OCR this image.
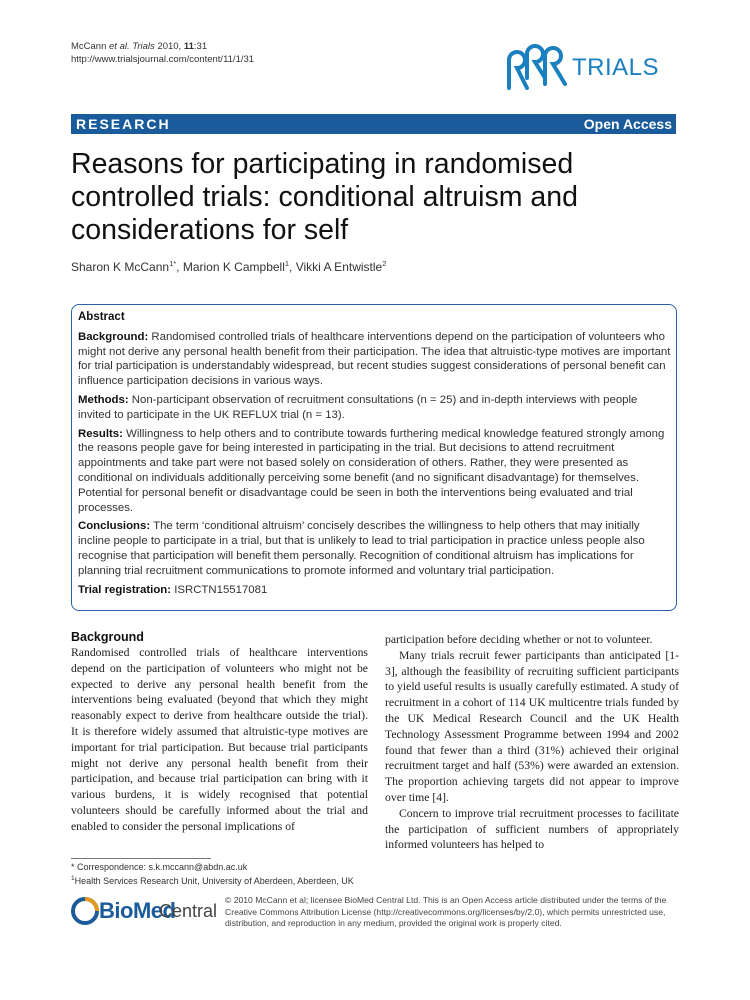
McCann et al. Trials 2010, 11:31
http://www.trialsjournal.com/content/11/1/31	TRIALS
RESEARCH	Open Access
Reasons for participating in randomised controlled trials: conditional altruism and considerations for self
Sharon K McCann$^{1*}$, Marion K Campbell$^1$, Vikki A Entwistle$^2$
Abstract

Background: Randomised controlled trials of healthcare interventions depend on the participation of volunteers who might not derive any personal health benefit from their participation. The idea that altruistic-type motives are important for trial participation is understandably widespread, but recent studies suggest considerations of personal benefit can influence participation decisions in various ways.

Methods: Non-participant observation of recruitment consultations (n = 25) and in-depth interviews with people invited to participate in the UK REFLUX trial (n = 13).

Results: Willingness to help others and to contribute towards furthering medical knowledge featured strongly among the reasons people gave for being interested in participating in the trial. But decisions to attend recruitment appointments and take part were not based solely on consideration of others. Rather, they were presented as conditional on individuals additionally perceiving some benefit (and no significant disadvantage) for themselves. Potential for personal benefit or disadvantage could be seen in both the interventions being evaluated and trial processes.

Conclusions: The term ‘conditional altruism’ concisely describes the willingness to help others that may initially incline people to participate in a trial, but that is unlikely to lead to trial participation in practice unless people also recognise that participation will benefit them personally. Recognition of conditional altruism has implications for planning trial recruitment communications to promote informed and voluntary trial participation.

Trial registration: ISRCTN15517081

Background

Randomised controlled trials of healthcare interventions depend on the participation of volunteers who might not be expected to derive any personal health benefit from the interventions being evaluated (beyond that which they might reasonably expect to derive from healthcare outside the trial). It is therefore widely assumed that altruistic-type motives are important for trial participation. But because trial participants might not derive any personal health benefit from their participation, and because trial participation can bring with it various burdens, it is widely recognised that potential volunteers should be carefully informed about the trial and enabled to consider the personal implications of

participation before deciding whether or not to volunteer.

Many trials recruit fewer participants than anticipated [1-3], although the feasibility of recruiting sufficient participants to yield useful results is usually carefully estimated. A study of recruitment in a cohort of 114 UK multicentre trials funded by the UK Medical Research Council and the UK Health Technology Assessment Programme between 1994 and 2002 found that fewer than a third (31%) achieved their original recruitment target and half (53%) were awarded an extension. The proportion achieving targets did not appear to improve over time [4].

Concern to improve trial recruitment processes to facilitate the participation of sufficient numbers of appropriately informed volunteers has helped to

* Correspondence: s.k.mccann@abdn.ac.uk
$^1$Health Services Research Unit, University of Aberdeen, Aberdeen, UK
BioMed
Central
© 2010 McCann et al; licensee BioMed Central Ltd. This is an Open Access article distributed under the terms of the Creative Commons Attribution License (http://creativecommons.org/licenses/by/2.0), which permits unrestricted use, distribution, and reproduction in any medium, provided the original work is properly cited.
